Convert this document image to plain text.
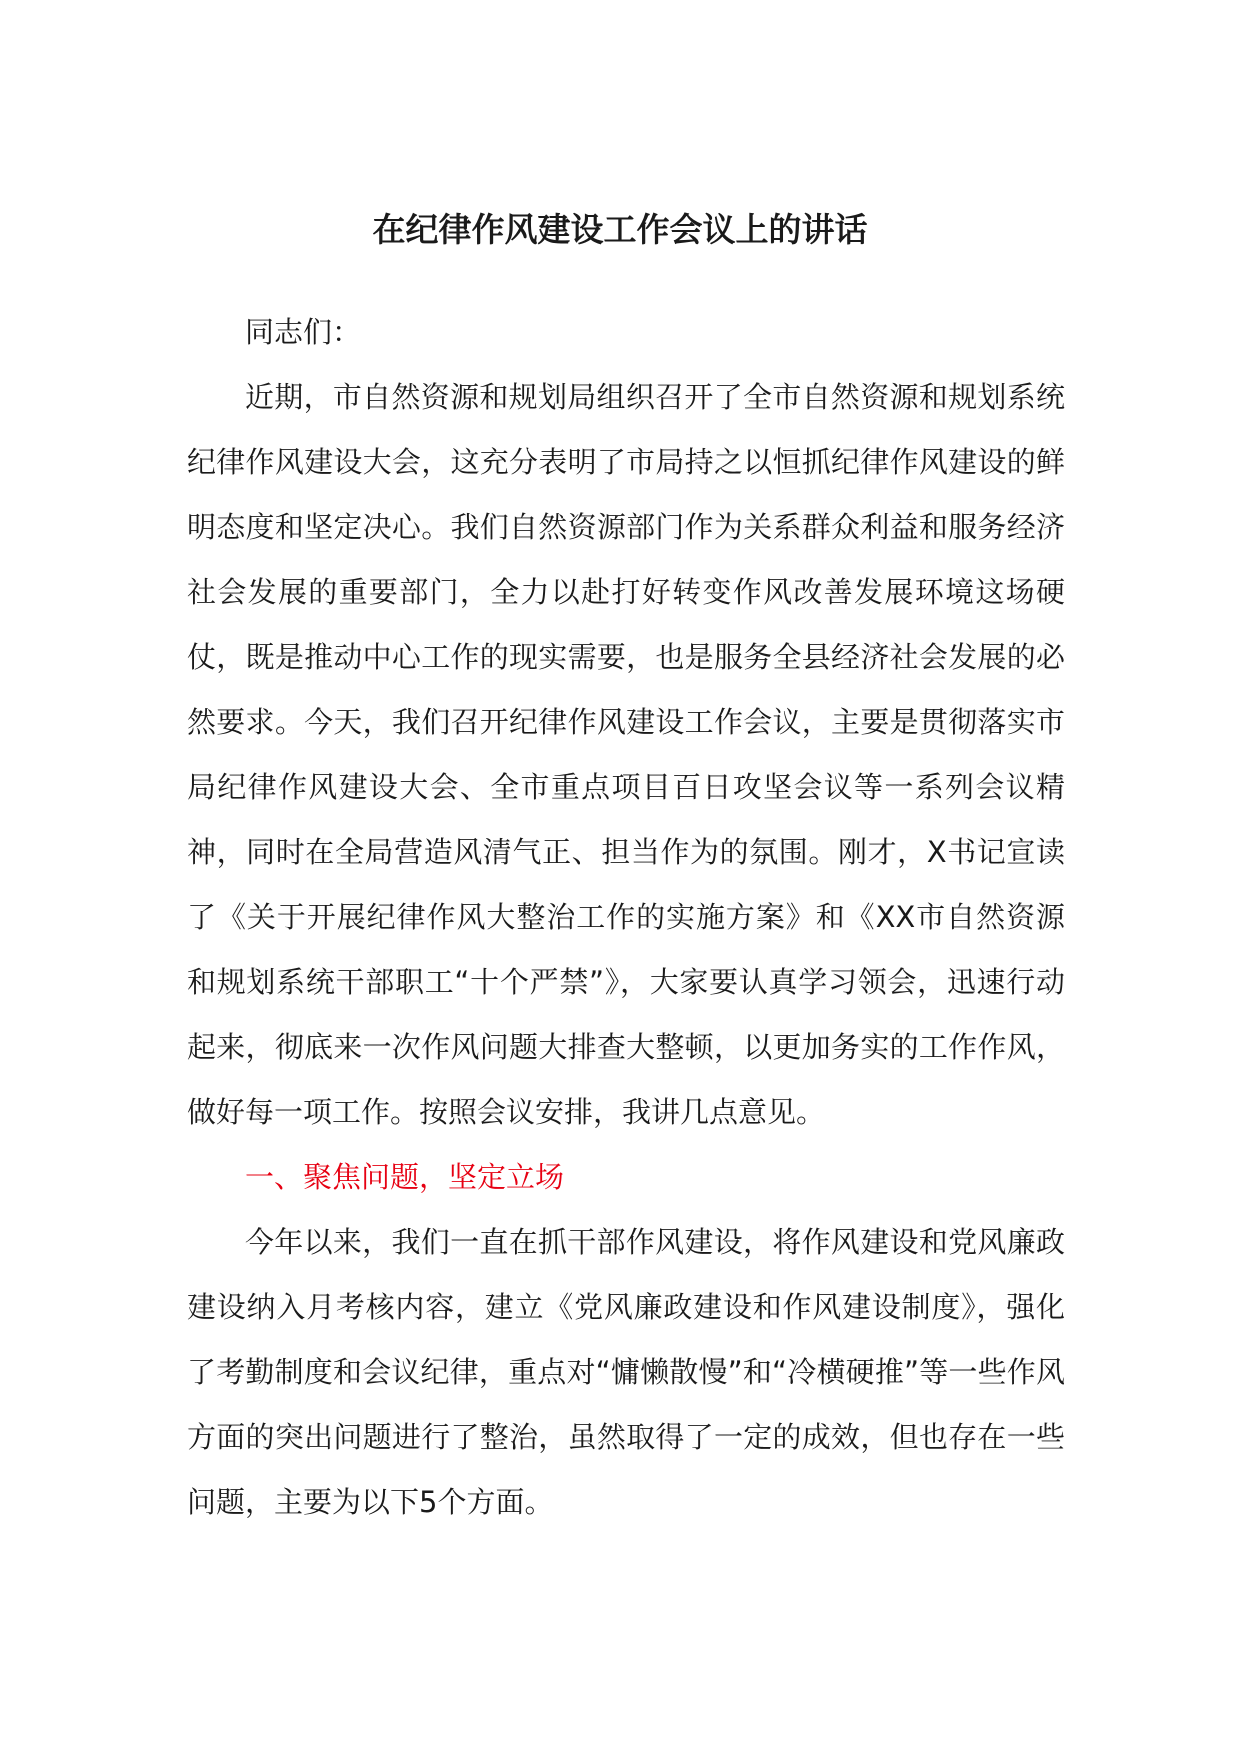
在纪律作风建设工作会议上的讲话

同志们：

近期，市自然资源和规划局组织召开了全市自然资源和规划系统纪律作风建设大会，这充分表明了市局持之以恒抓纪律作风建设的鲜明态度和坚定决心。我们自然资源部门作为关系群众利益和服务经济社会发展的重要部门，全力以赴打好转变作风改善发展环境这场硬仗，既是推动中心工作的现实需要，也是服务全县经济社会发展的必然要求。今天，我们召开纪律作风建设工作会议，主要是贯彻落实市局纪律作风建设大会、全市重点项目百日攻坚会议等一系列会议精神，同时在全局营造风清气正、担当作为的氛围。刚才，X书记宣读了《关于开展纪律作风大整治工作的实施方案》和《XX市自然资源和规划系统干部职工“十个严禁”》，大家要认真学习领会，迅速行动起来，彻底来一次作风问题大排查大整顿，以更加务实的工作作风，做好每一项工作。按照会议安排，我讲几点意见。

一、聚焦问题，坚定立场

今年以来，我们一直在抓干部作风建设，将作风建设和党风廉政建设纳入月考核内容，建立《党风廉政建设和作风建设制度》，强化了考勤制度和会议纪律，重点对“慵懒散慢”和“冷横硬推”等一些作风方面的突出问题进行了整治，虽然取得了一定的成效，但也存在一些问题，主要为以下5个方面。
